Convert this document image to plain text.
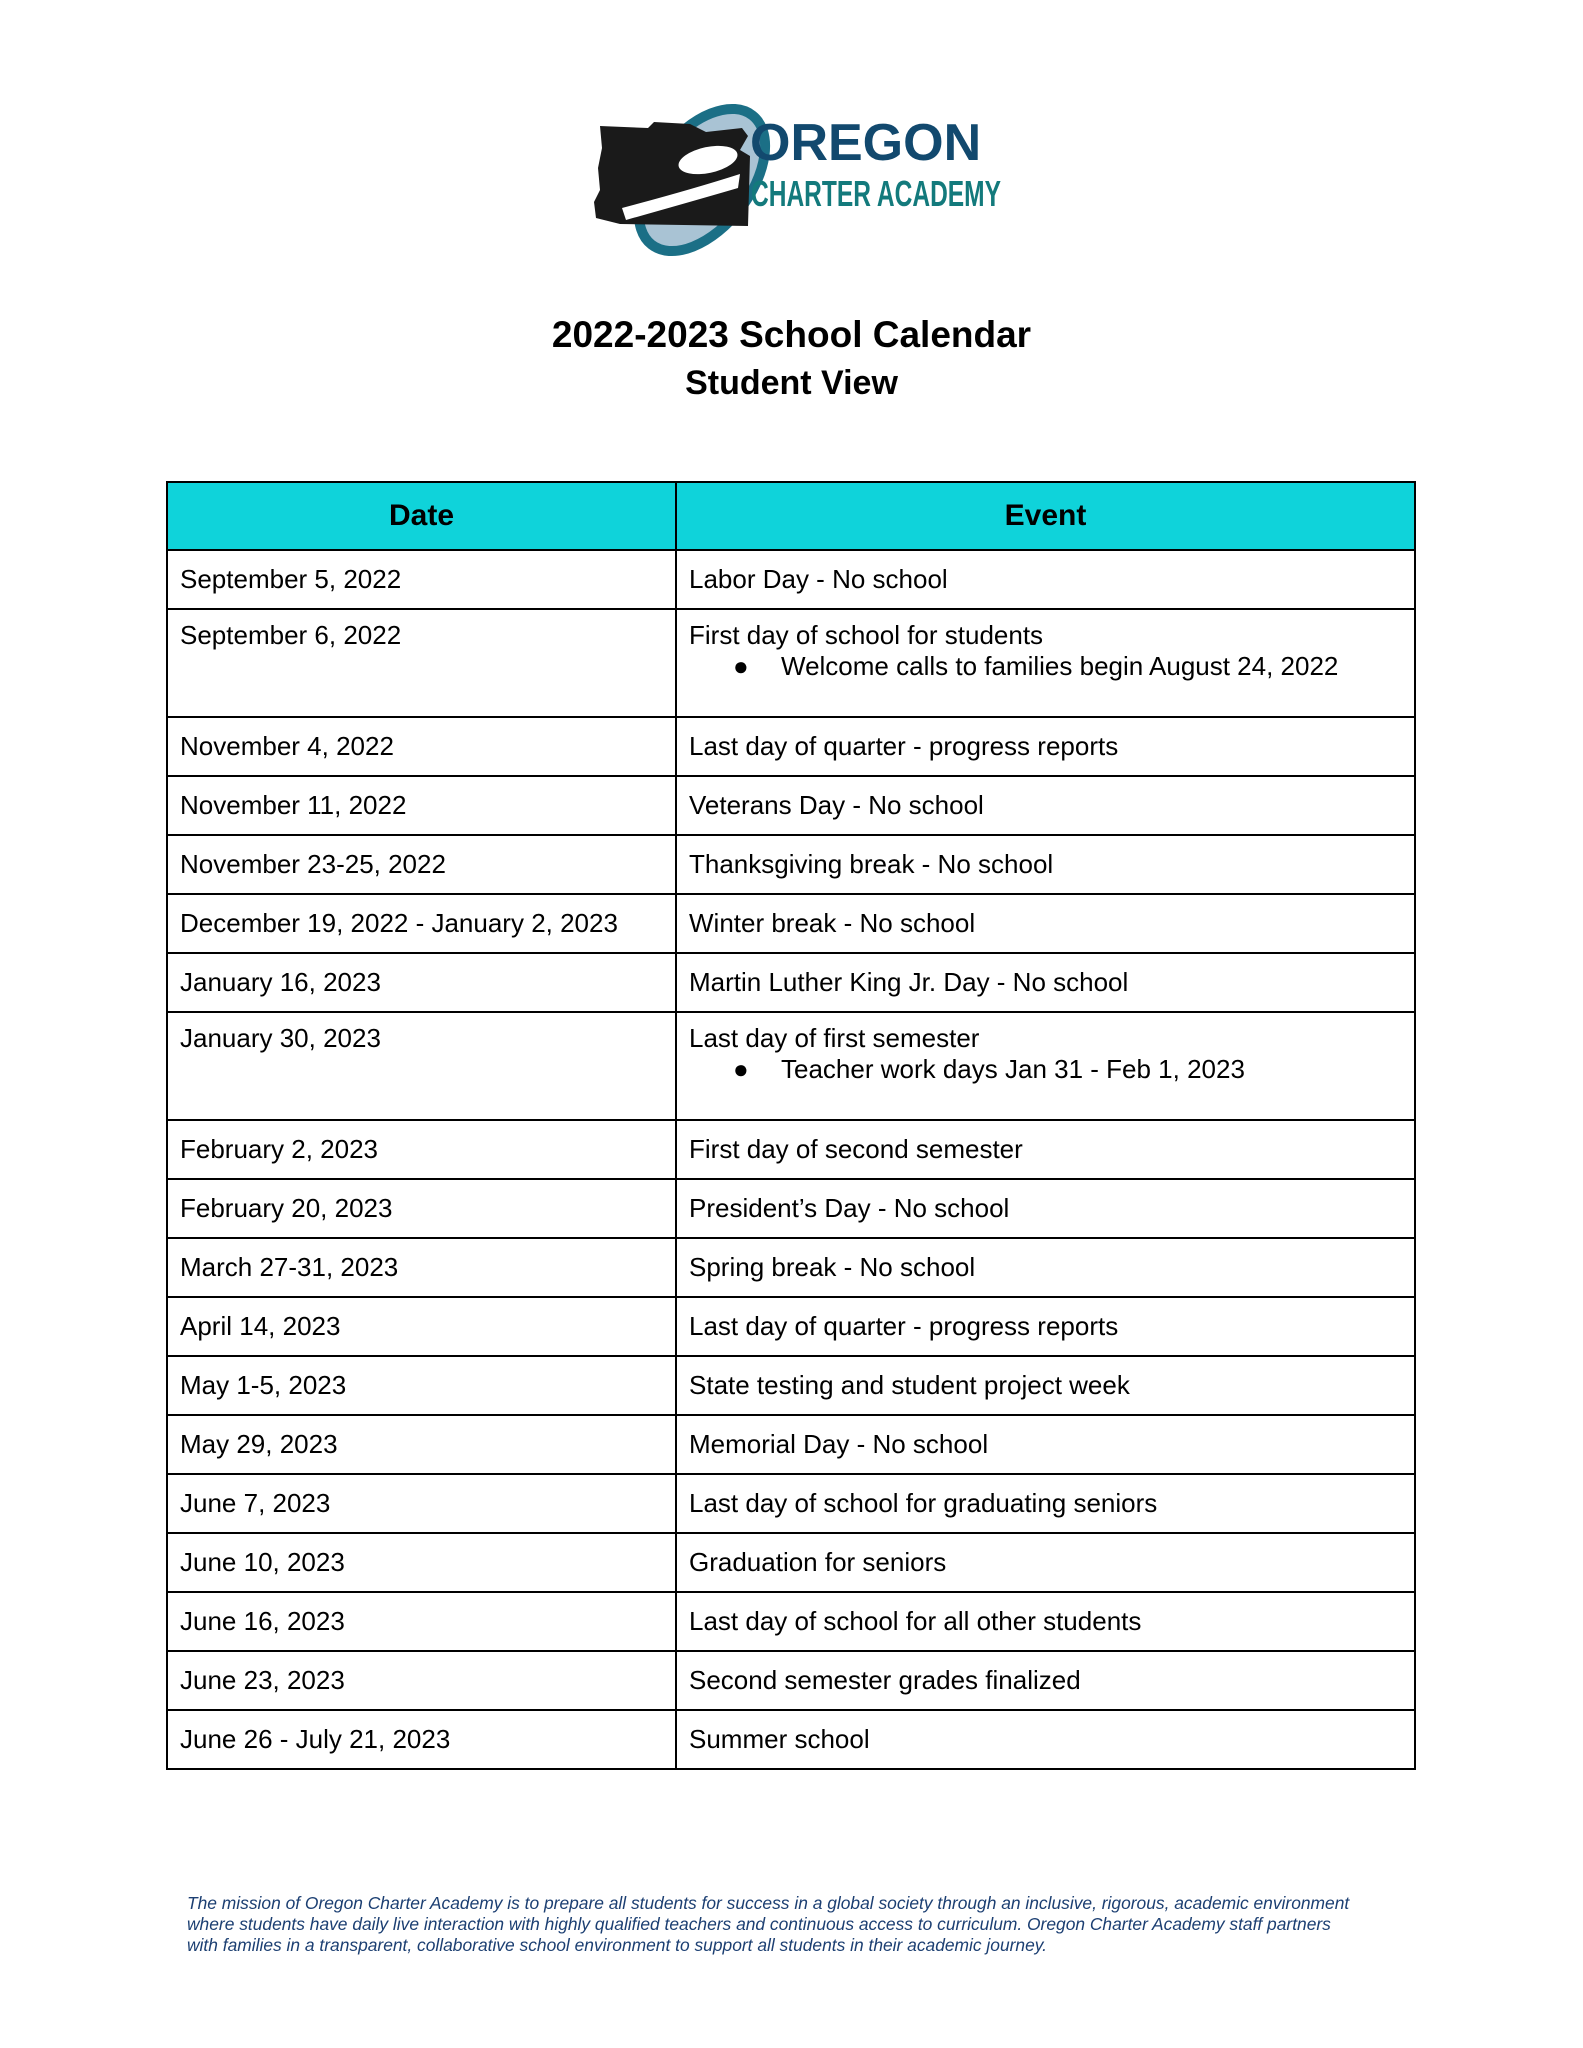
OREGON
CHARTER ACADEMY
2022-2023 School Calendar
Student View
Date	Event
September 5, 2022	Labor Day - No school
September 6, 2022	First day of school for students
● Welcome calls to families begin August 24, 2022

November 4, 2022	Last day of quarter - progress reports
November 11, 2022	Veterans Day - No school
November 23-25, 2022	Thanksgiving break - No school
December 19, 2022 - January 2, 2023	Winter break - No school
January 16, 2023	Martin Luther King Jr. Day - No school
January 30, 2023	Last day of first semester
● Teacher work days Jan 31 - Feb 1, 2023

February 2, 2023	First day of second semester
February 20, 2023	President’s Day - No school
March 27-31, 2023	Spring break - No school
April 14, 2023	Last day of quarter - progress reports
May 1-5, 2023	State testing and student project week
May 29, 2023	Memorial Day - No school
June 7, 2023	Last day of school for graduating seniors
June 10, 2023	Graduation for seniors
June 16, 2023	Last day of school for all other students
June 23, 2023	Second semester grades finalized
June 26 - July 21, 2023	Summer school

The mission of Oregon Charter Academy is to prepare all students for success in a global society through an inclusive, rigorous, academic environment
where students have daily live interaction with highly qualified teachers and continuous access to curriculum. Oregon Charter Academy staff partners
with families in a transparent, collaborative school environment to support all students in their academic journey.
